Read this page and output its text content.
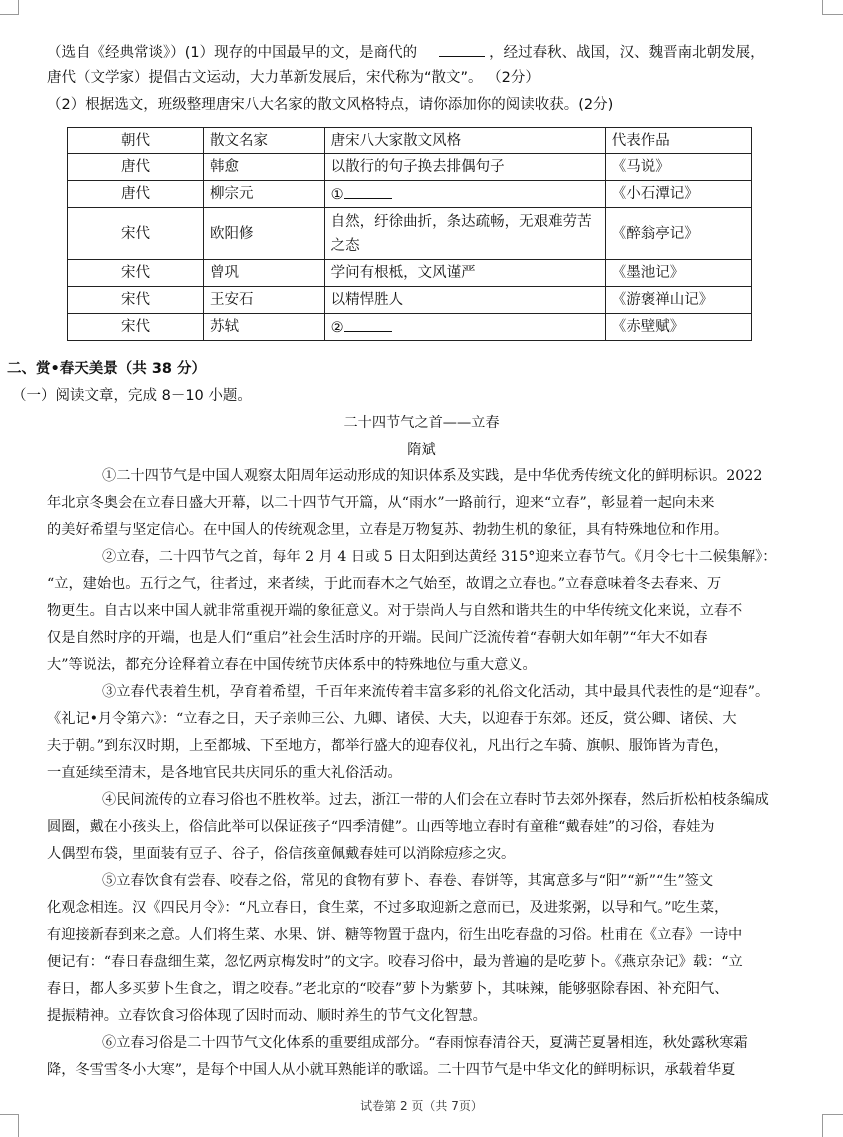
（选自《经典常谈》）(1）现存的中国最早的文，是商代的	，经过春秋、战国，汉、魏晋南北朝发展，
唐代（文学家）提倡古文运动，大力革新发展后，宋代称为“散文”。 （2分）
（2）根据选文，班级整理唐宋八大名家的散文风格特点，请你添加你的阅读收获。(2分)
朝代	散文名家	唐宋八大家散文风格	代表作品
唐代	韩愈	以散行的句子换去排偶句子	《马说》
唐代	柳宗元	①	《小石潭记》
宋代	欧阳修	自然，纡徐曲折，条达疏畅，无艰难劳苦之态	《醉翁亭记》
宋代	曾巩	学问有根柢，文风谨严	《墨池记》
宋代	王安石	以精悍胜人	《游褒禅山记》
宋代	苏轼	②	《赤壁赋》
二、赏•春天美景（共 38 分）
（一）阅读文章，完成 8－10 小题。
二十四节气之首——立春
隋斌
①二十四节气是中国人观察太阳周年运动形成的知识体系及实践，是中华优秀传统文化的鲜明标识。2022
年北京冬奥会在立春日盛大开幕，以二十四节气开篇，从“雨水”一路前行，迎来“立春”，彰显着一起向未来
的美好希望与坚定信心。在中国人的传统观念里，立春是万物复苏、勃勃生机的象征，具有特殊地位和作用。
②立春，二十四节气之首，每年 2 月 4 日或 5 日太阳到达黄经 315°迎来立春节气。《月令七十二候集解》：
“立，建始也。五行之气，往者过，来者续，于此而春木之气始至，故谓之立春也。”立春意味着冬去春来、万
物更生。自古以来中国人就非常重视开端的象征意义。对于崇尚人与自然和谐共生的中华传统文化来说，立春不
仅是自然时序的开端，也是人们“重启”社会生活时序的开端。民间广泛流传着“春朝大如年朝”“年大不如春
大”等说法，都充分诠释着立春在中国传统节庆体系中的特殊地位与重大意义。
③立春代表着生机，孕育着希望，千百年来流传着丰富多彩的礼俗文化活动，其中最具代表性的是“迎春”。
《礼记•月令第六》：“立春之日，天子亲帅三公、九卿、诸侯、大夫，以迎春于东郊。还反，赏公卿、诸侯、大
夫于朝。”到东汉时期，上至都城、下至地方，都举行盛大的迎春仪礼，凡出行之车骑、旗帜、服饰皆为青色，
一直延续至清末，是各地官民共庆同乐的重大礼俗活动。
④民间流传的立春习俗也不胜枚举。过去，浙江一带的人们会在立春时节去郊外探春，然后折松柏枝条编成
圆圈，戴在小孩头上，俗信此举可以保证孩子“四季清健”。山西等地立春时有童稚“戴春娃”的习俗，春娃为
人偶型布袋，里面装有豆子、谷子，俗信孩童佩戴春娃可以消除痘疹之灾。
⑤立春饮食有尝春、咬春之俗，常见的食物有萝卜、春卷、春饼等，其寓意多与“阳”“新”“生”签文
化观念相连。汉《四民月令》：“凡立春日，食生菜，不过多取迎新之意而已，及进浆粥，以导和气。”吃生菜，
有迎接新春到来之意。人们将生菜、水果、饼、糖等物置于盘内，衍生出吃春盘的习俗。杜甫在《立春》一诗中
便记有：“春日春盘细生菜，忽忆两京梅发时”的文字。咬春习俗中，最为普遍的是吃萝卜。《燕京杂记》载：“立
春日，都人多买萝卜生食之，谓之咬春。”老北京的“咬春”萝卜为紫萝卜，其味辣，能够驱除春困、补充阳气、
提振精神。立春饮食习俗体现了因时而动、顺时养生的节气文化智慧。
⑥立春习俗是二十四节气文化体系的重要组成部分。“春雨惊春清谷天，夏满芒夏暑相连，秋处露秋寒霜
降，冬雪雪冬小大寒”，是每个中国人从小就耳熟能详的歌谣。二十四节气是中华文化的鲜明标识，承载着华夏
试卷第 2 页（共 7页）
